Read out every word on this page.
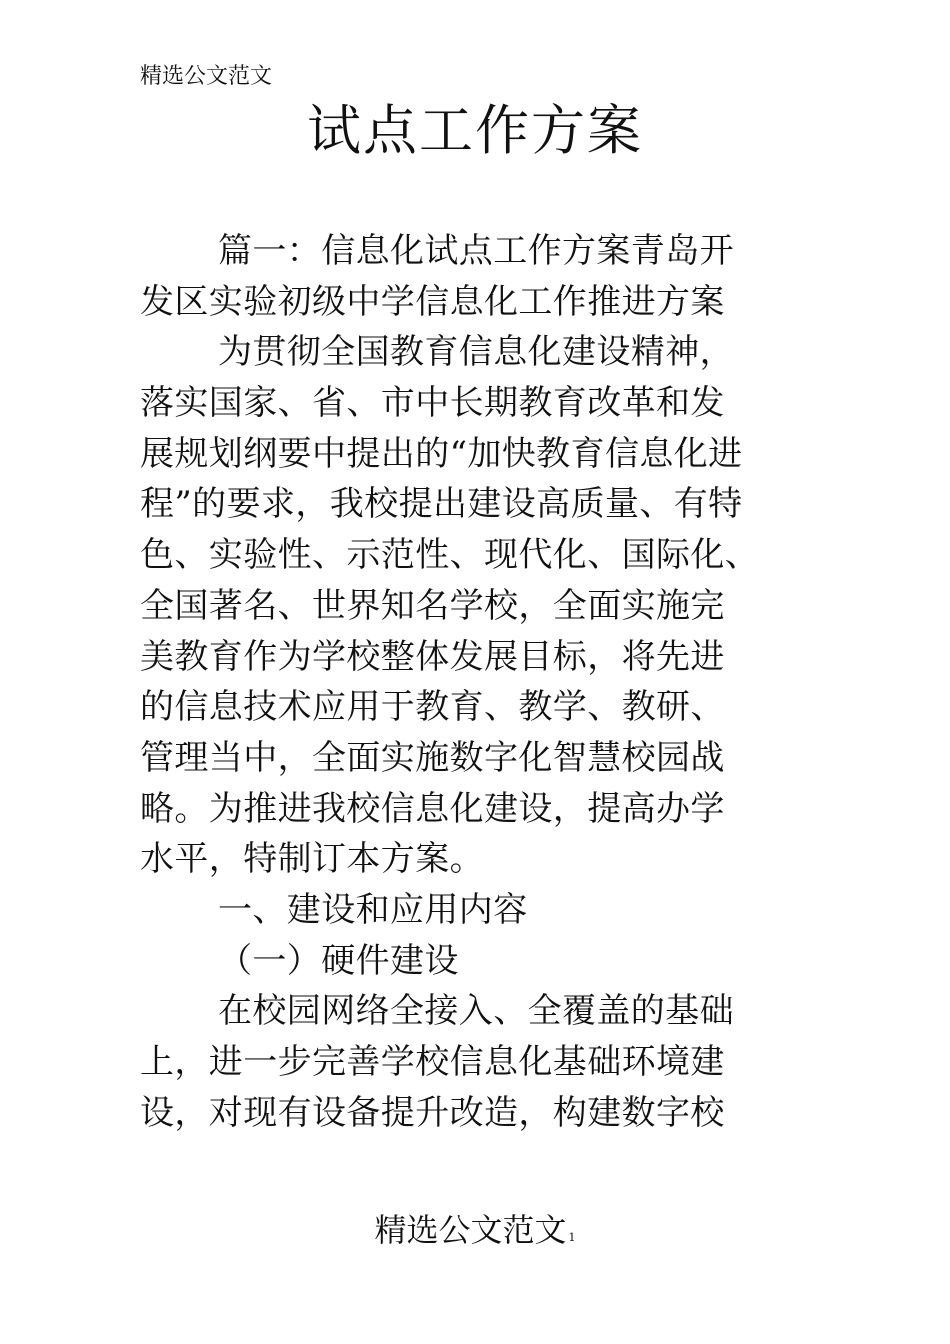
精选公文范文
试点工作方案
篇一：信息化试点工作方案青岛开
发区实验初级中学信息化工作推进方案
为贯彻全国教育信息化建设精神，
落实国家、省、市中长期教育改革和发
展规划纲要中提出的“加快教育信息化进
程”的要求，我校提出建设高质量、有特
色、实验性、示范性、现代化、国际化、
全国著名、世界知名学校，全面实施完
美教育作为学校整体发展目标，将先进
的信息技术应用于教育、教学、教研、
管理当中，全面实施数字化智慧校园战
略。为推进我校信息化建设，提高办学
水平，特制订本方案。
一、建设和应用内容
（一）硬件建设
在校园网络全接入、全覆盖的基础
上，进一步完善学校信息化基础环境建
设，对现有设备提升改造，构建数字校
精选公文范文 1
